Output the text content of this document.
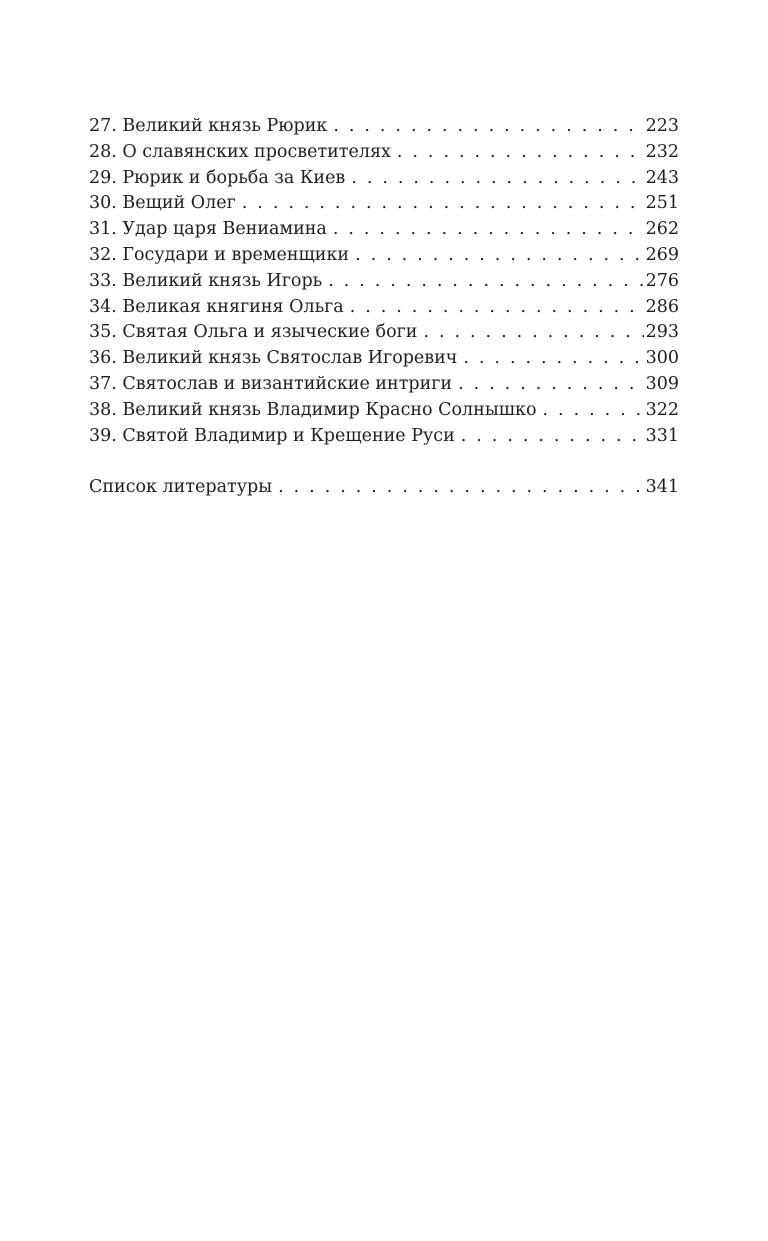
27. Великий князь Рюрик . . .	223
28. О славянских просветителях . . .	232
29. Рюрик и борьба за Киев . . .	243
30. Вещий Олег . . .	251
31. Удар царя Вениамина . . .	262
32. Государи и временщики . . .	269
33. Великий князь Игорь . . .	276
34. Великая княгиня Ольга . . .	286
35. Святая Ольга и языческие боги . . .	293
36. Великий князь Святослав Игоревич . . .	300
37. Святослав и византийские интриги . . .	309
38. Великий князь Владимир Красно Солнышко . . .	322
39. Святой Владимир и Крещение Руси . . .	331
Список литературы . . .	341
